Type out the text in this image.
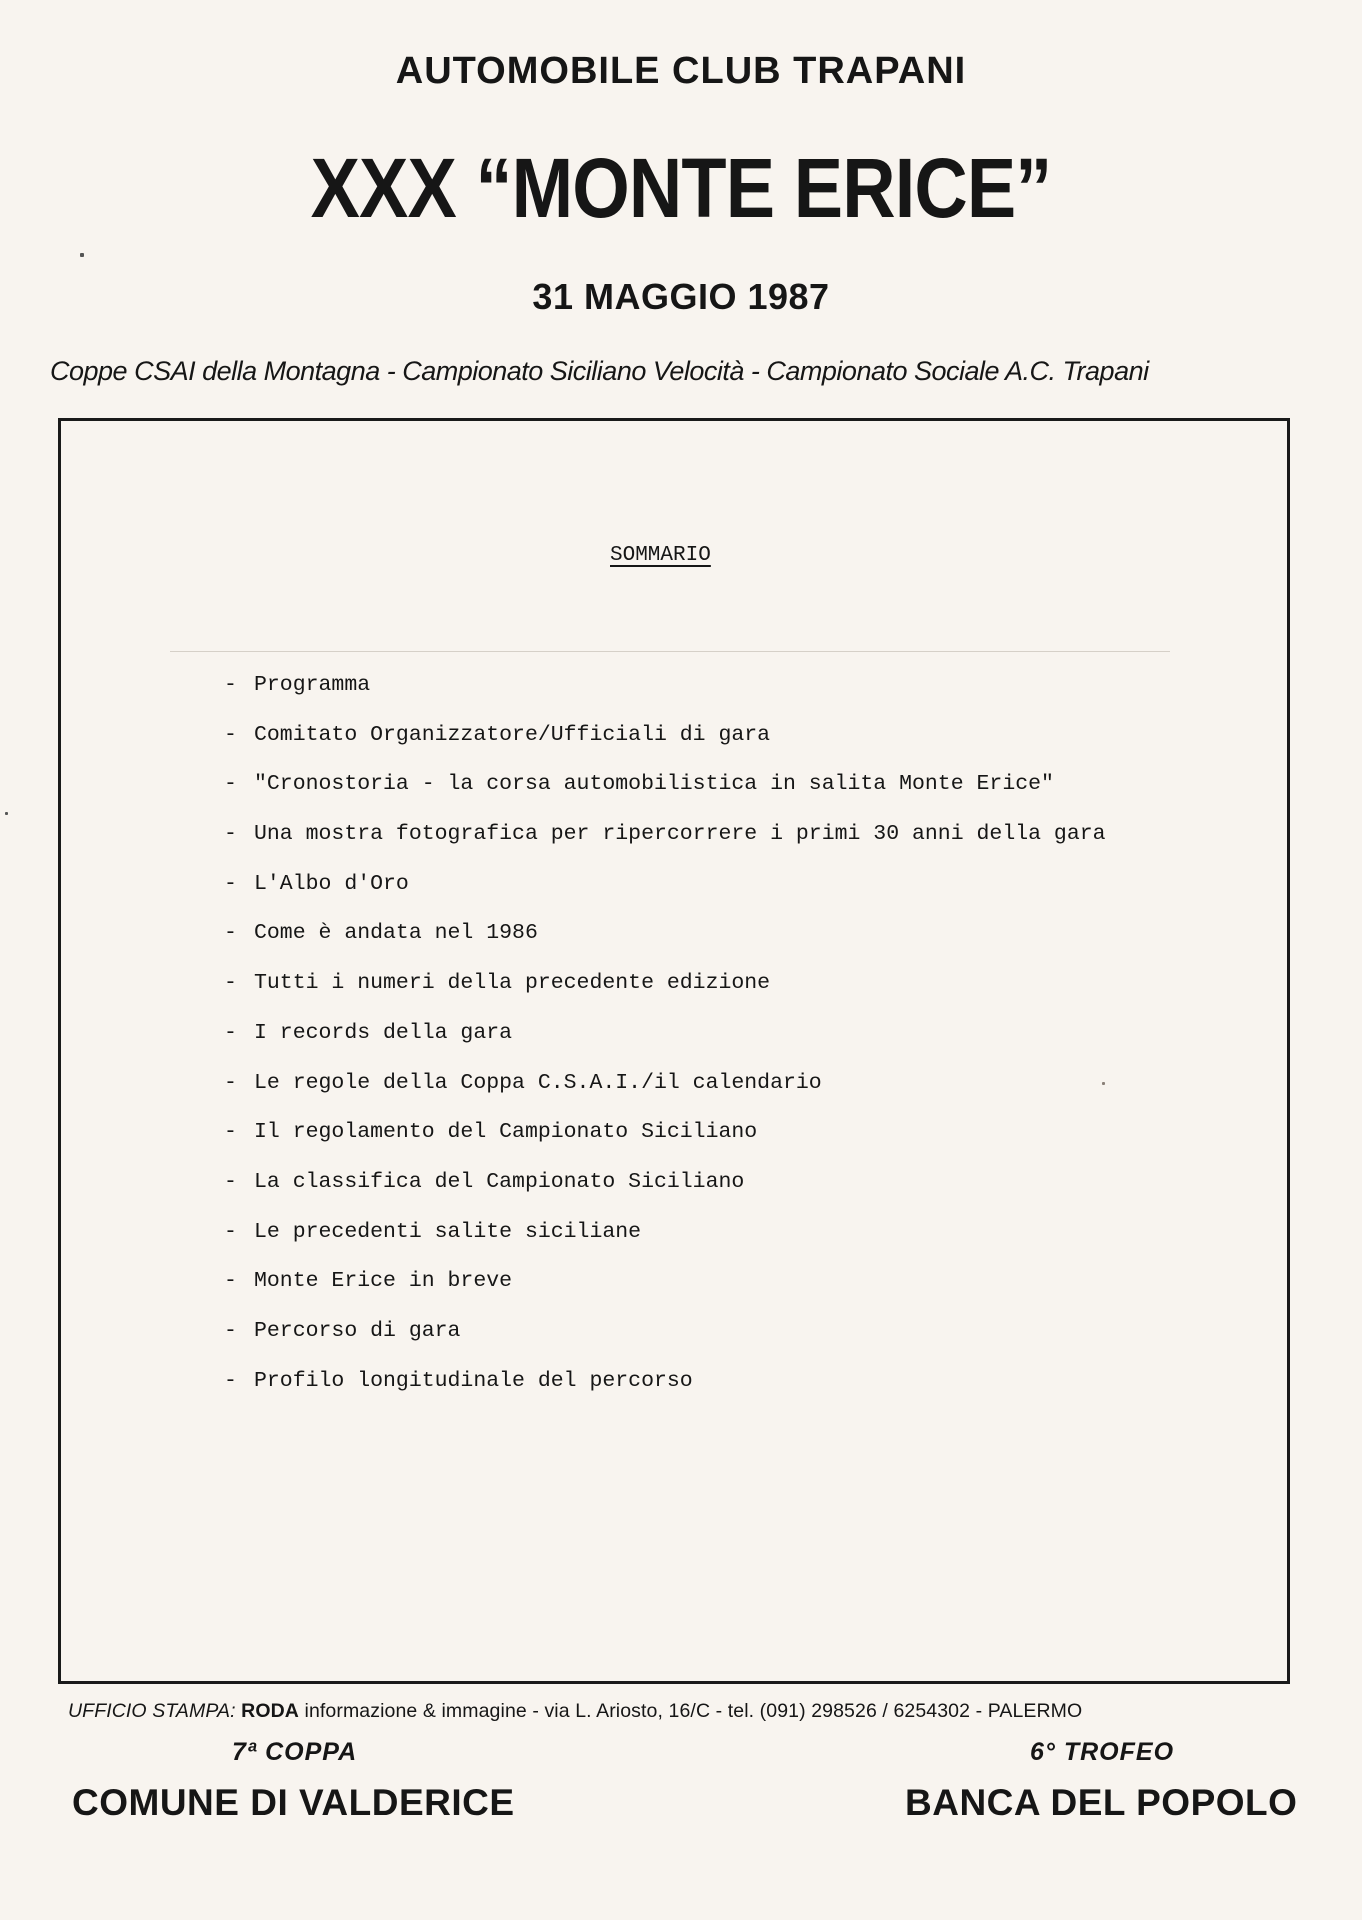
AUTOMOBILE CLUB TRAPANI
XXX “MONTE ERICE”
31 MAGGIO 1987
Coppe CSAI della Montagna - Campionato Siciliano Velocità - Campionato Sociale A.C. Trapani
SOMMARIO
- Programma
- Comitato Organizzatore/Ufficiali di gara
- "Cronostoria - la corsa automobilistica in salita Monte Erice"
- Una mostra fotografica per ripercorrere i primi 30 anni della gara
- L'Albo d'Oro
- Come è andata nel 1986
- Tutti i numeri della precedente edizione
- I records della gara
- Le regole della Coppa C.S.A.I./il calendario
- Il regolamento del Campionato Siciliano
- La classifica del Campionato Siciliano
- Le precedenti salite siciliane
- Monte Erice in breve
- Percorso di gara
- Profilo longitudinale del percorso
UFFICIO STAMPA: RODA informazione & immagine - via L. Ariosto, 16/C - tel. (091) 298526 / 6254302 - PALERMO
7ª COPPA
COMUNE DI VALDERICE
6° TROFEO
BANCA DEL POPOLO
